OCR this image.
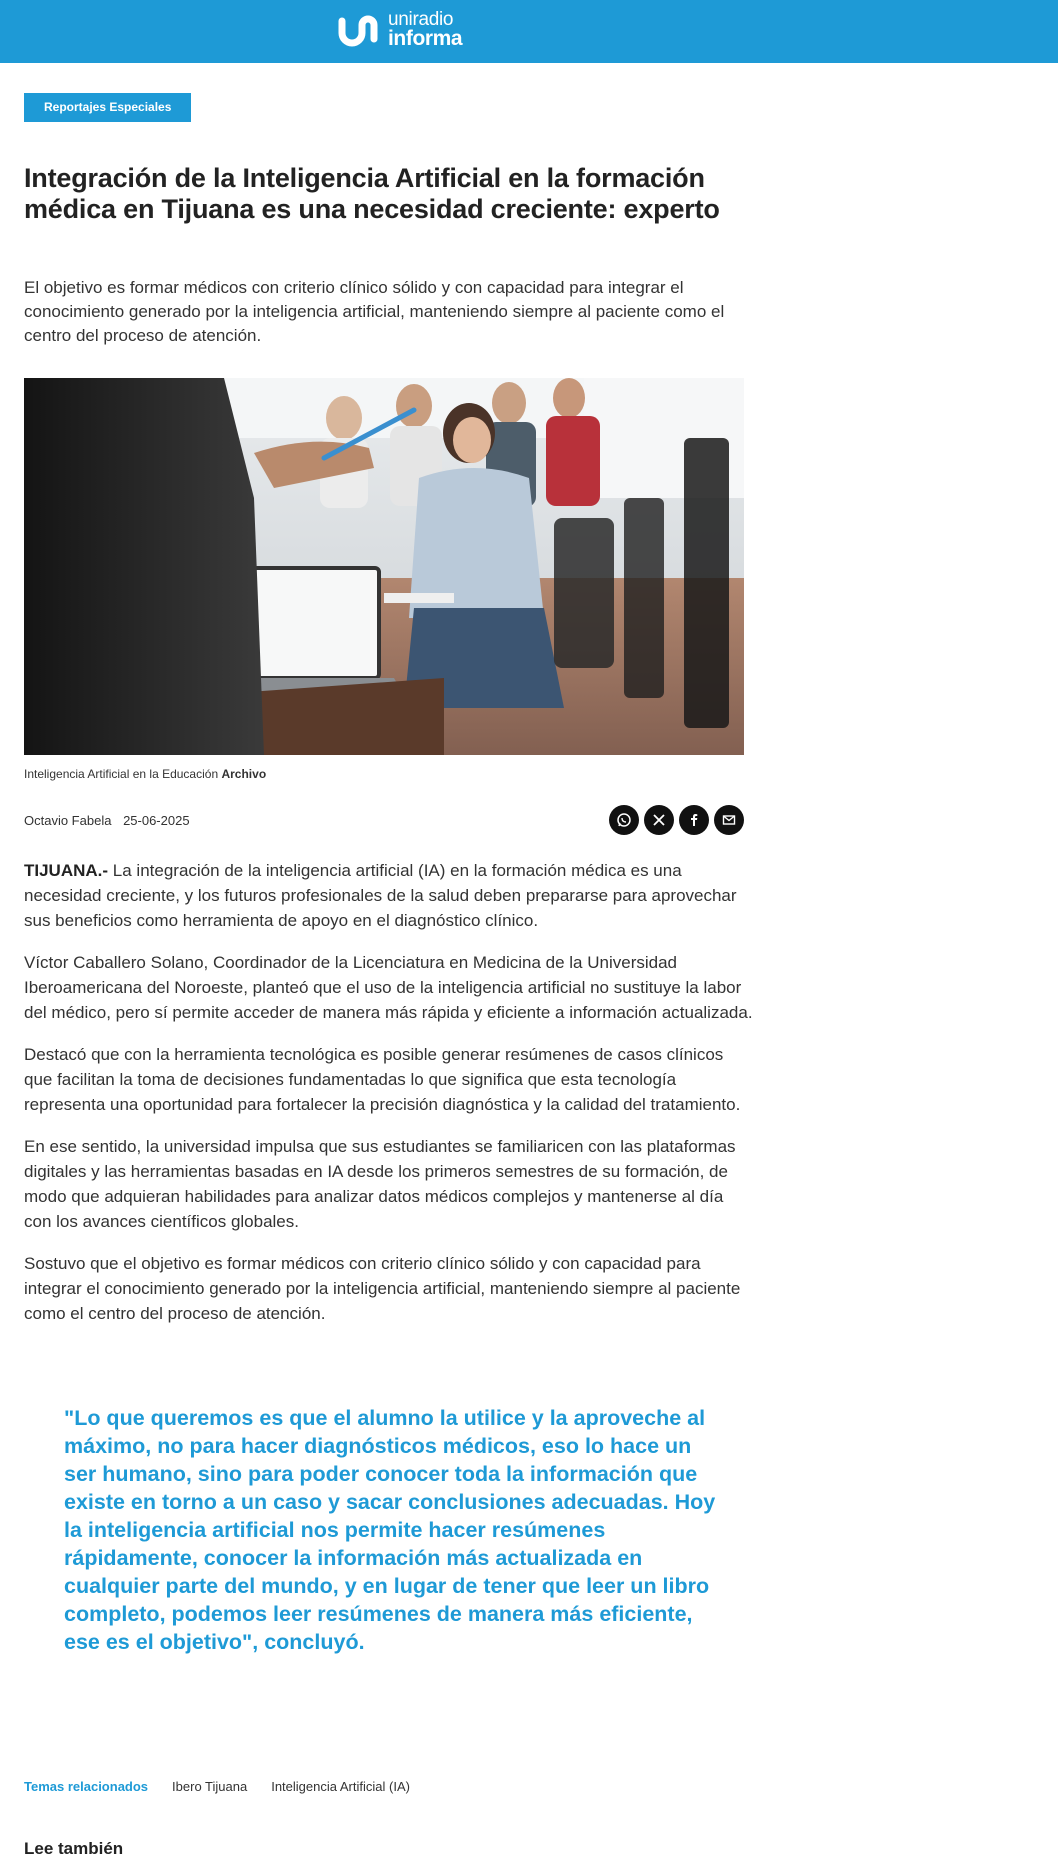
uniradio
informa
Reportajes Especiales
Integración de la Inteligencia Artificial en la formación médica en Tijuana es una necesidad creciente: experto

El objetivo es formar médicos con criterio clínico sólido y con capacidad para integrar el conocimiento generado por la inteligencia artificial, manteniendo siempre al paciente como el centro del proceso de atención.

Inteligencia Artificial en la Educación Archivo

Octavio Fabela 25-06-2025

TIJUANA.- La integración de la inteligencia artificial (IA) en la formación médica es una necesidad creciente, y los futuros profesionales de la salud deben prepararse para aprovechar sus beneficios como herramienta de apoyo en el diagnóstico clínico.

Víctor Caballero Solano, Coordinador de la Licenciatura en Medicina de la Universidad Iberoamericana del Noroeste, planteó que el uso de la inteligencia artificial no sustituye la labor del médico, pero sí permite acceder de manera más rápida y eficiente a información actualizada.

Destacó que con la herramienta tecnológica es posible generar resúmenes de casos clínicos que facilitan la toma de decisiones fundamentadas lo que significa que esta tecnología representa una oportunidad para fortalecer la precisión diagnóstica y la calidad del tratamiento.

En ese sentido, la universidad impulsa que sus estudiantes se familiaricen con las plataformas digitales y las herramientas basadas en IA desde los primeros semestres de su formación, de modo que adquieran habilidades para analizar datos médicos complejos y mantenerse al día con los avances científicos globales.

Sostuvo que el objetivo es formar médicos con criterio clínico sólido y con capacidad para integrar el conocimiento generado por la inteligencia artificial, manteniendo siempre al paciente como el centro del proceso de atención.

"Lo que queremos es que el alumno la utilice y la aproveche al máximo, no para hacer diagnósticos médicos, eso lo hace un ser humano, sino para poder conocer toda la información que existe en torno a un caso y sacar conclusiones adecuadas. Hoy la inteligencia artificial nos permite hacer resúmenes rápidamente, conocer la información más actualizada en cualquier parte del mundo, y en lugar de tener que leer un libro completo, podemos leer resúmenes de manera más eficiente, ese es el objetivo", concluyó.
Temas relacionados Ibero Tijuana Inteligencia Artificial (IA)
Lee también
